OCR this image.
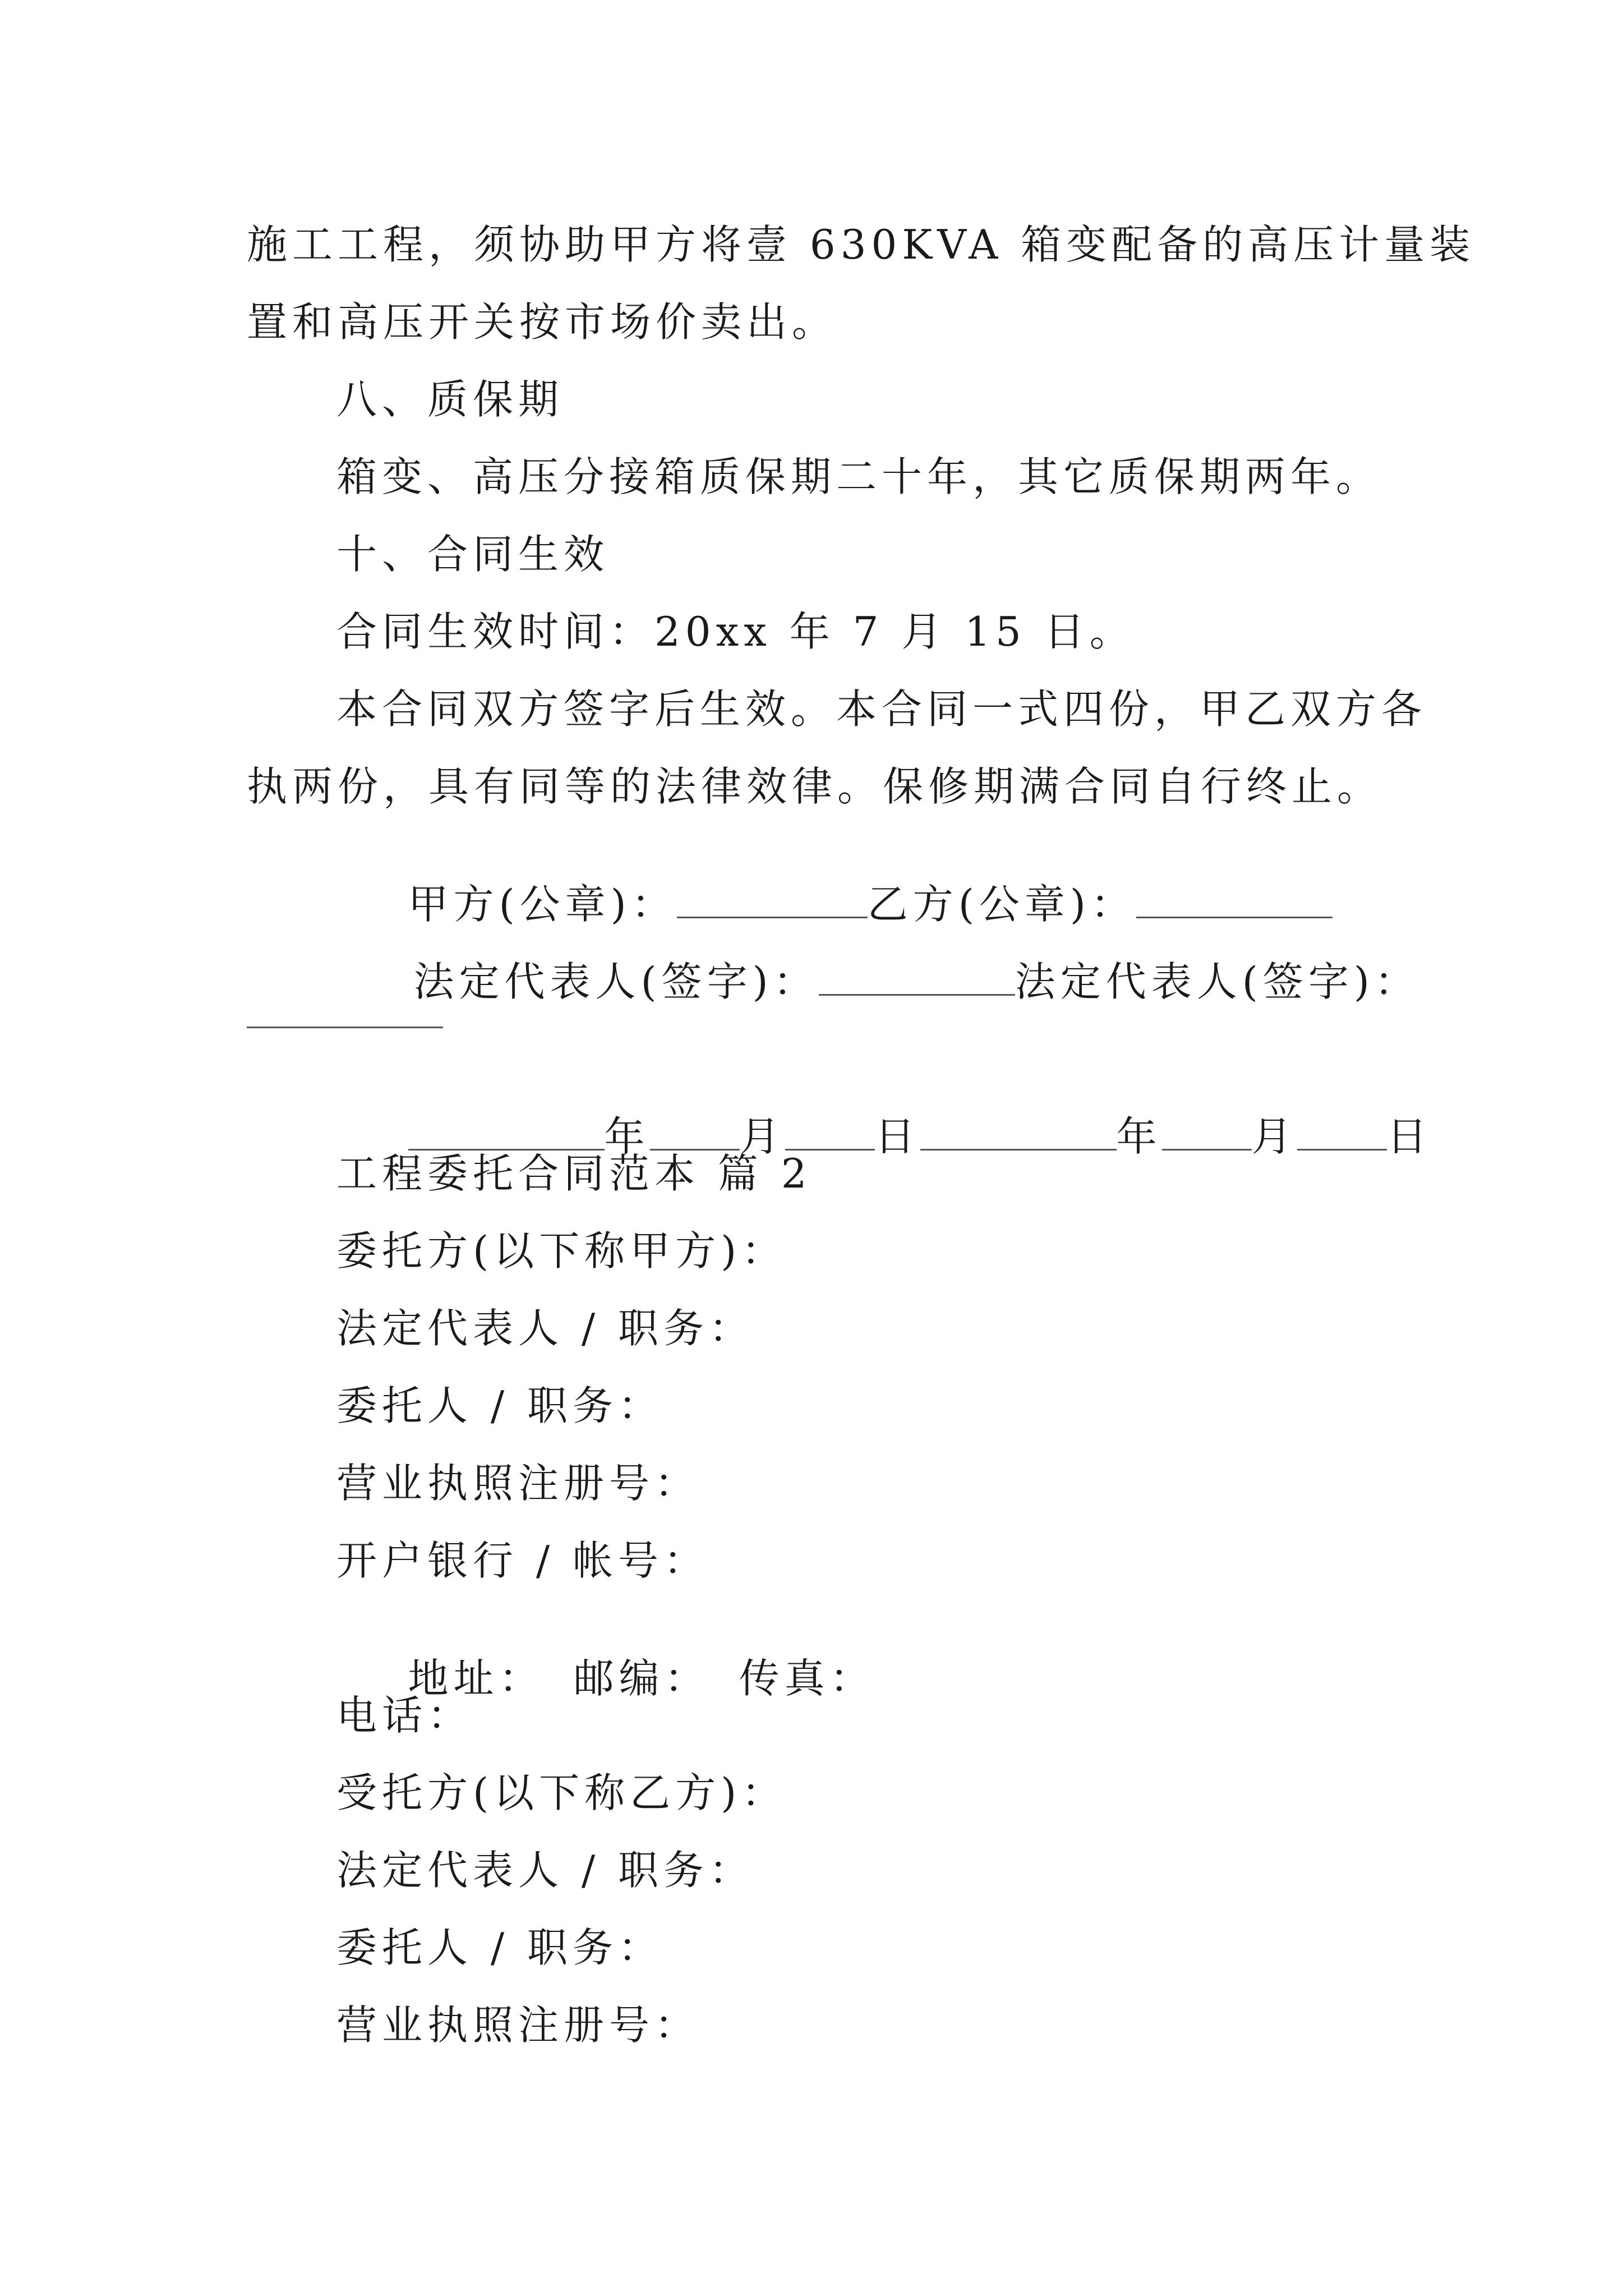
施工工程，须协助甲方将壹 630KVA 箱变配备的高压计量装
置和高压开关按市场价卖出。
八、质保期
箱变、高压分接箱质保期二十年，其它质保期两年。
十、合同生效
合同生效时间：20xx 年 7 月 15 日。
本合同双方签字后生效。本合同一式四份，甲乙双方各
执两份，具有同等的法律效律。保修期满合同自行终止。

甲方(公章)：	乙方(公章)：

法定代表人(签字)：	法定代表人(签字)：

年 月 日	年 月 日

工程委托合同范本 篇 2
委托方(以下称甲方)：
法定代表人 / 职务：
委托人 / 职务：
营业执照注册号：
开户银行 / 帐号：

地址： 邮编： 传真：

电话：
受托方(以下称乙方)：
法定代表人 / 职务：
委托人 / 职务：
营业执照注册号：
